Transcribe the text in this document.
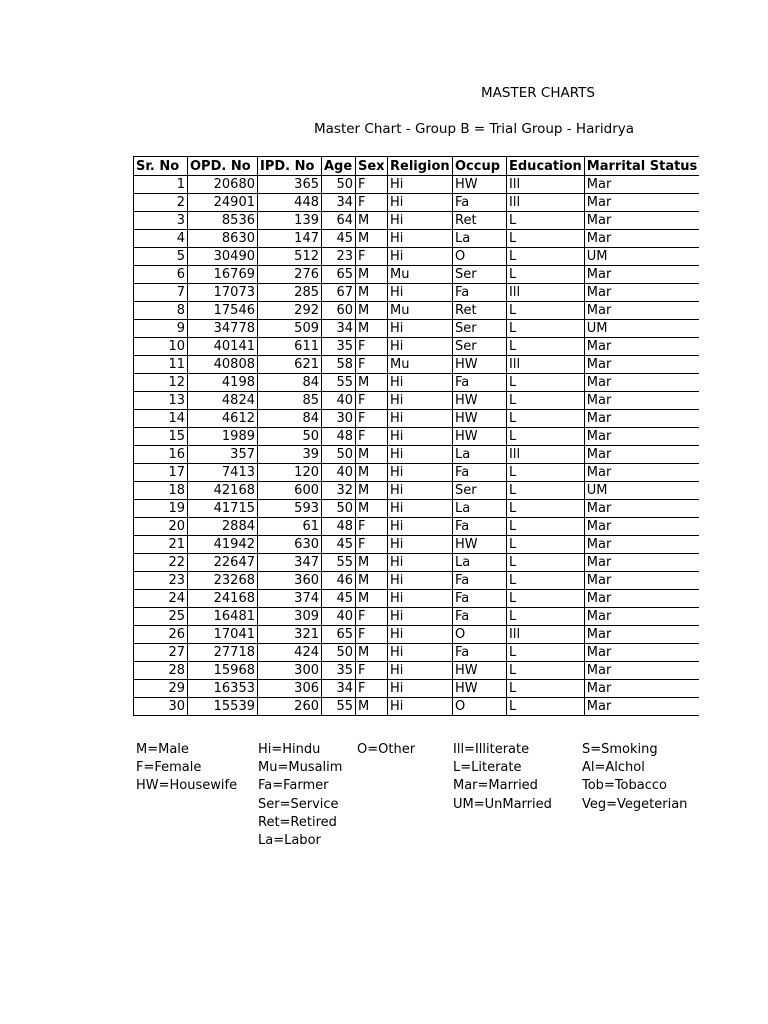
MASTER CHARTS
Master Chart - Group B = Trial Group - Haridrya
Sr. No	OPD. No	IPD. No	Age	Sex	Religion	Occup	Education	Marrital Status
1	20680	365	50	F	Hi	HW	Ill	Mar
2	24901	448	34	F	Hi	Fa	Ill	Mar
3	8536	139	64	M	Hi	Ret	L	Mar
4	8630	147	45	M	Hi	La	L	Mar
5	30490	512	23	F	Hi	O	L	UM
6	16769	276	65	M	Mu	Ser	L	Mar
7	17073	285	67	M	Hi	Fa	Ill	Mar
8	17546	292	60	M	Mu	Ret	L	Mar
9	34778	509	34	M	Hi	Ser	L	UM
10	40141	611	35	F	Hi	Ser	L	Mar
11	40808	621	58	F	Mu	HW	Ill	Mar
12	4198	84	55	M	Hi	Fa	L	Mar
13	4824	85	40	F	Hi	HW	L	Mar
14	4612	84	30	F	Hi	HW	L	Mar
15	1989	50	48	F	Hi	HW	L	Mar
16	357	39	50	M	Hi	La	Ill	Mar
17	7413	120	40	M	Hi	Fa	L	Mar
18	42168	600	32	M	Hi	Ser	L	UM
19	41715	593	50	M	Hi	La	L	Mar
20	2884	61	48	F	Hi	Fa	L	Mar
21	41942	630	45	F	Hi	HW	L	Mar
22	22647	347	55	M	Hi	La	L	Mar
23	23268	360	46	M	Hi	Fa	L	Mar
24	24168	374	45	M	Hi	Fa	L	Mar
25	16481	309	40	F	Hi	Fa	L	Mar
26	17041	321	65	F	Hi	O	Ill	Mar
27	27718	424	50	M	Hi	Fa	L	Mar
28	15968	300	35	F	Hi	HW	L	Mar
29	16353	306	34	F	Hi	HW	L	Mar
30	15539	260	55	M	Hi	O	L	Mar
M=Male
F=Female
HW=Housewife
Hi=Hindu
Mu=Musalim
Fa=Farmer
Ser=Service
Ret=Retired
La=Labor
O=Other	Ill=Illiterate
L=Literate
Mar=Married
UM=UnMarried
S=Smoking
Al=Alchol
Tob=Tobacco
Veg=Vegeterian
